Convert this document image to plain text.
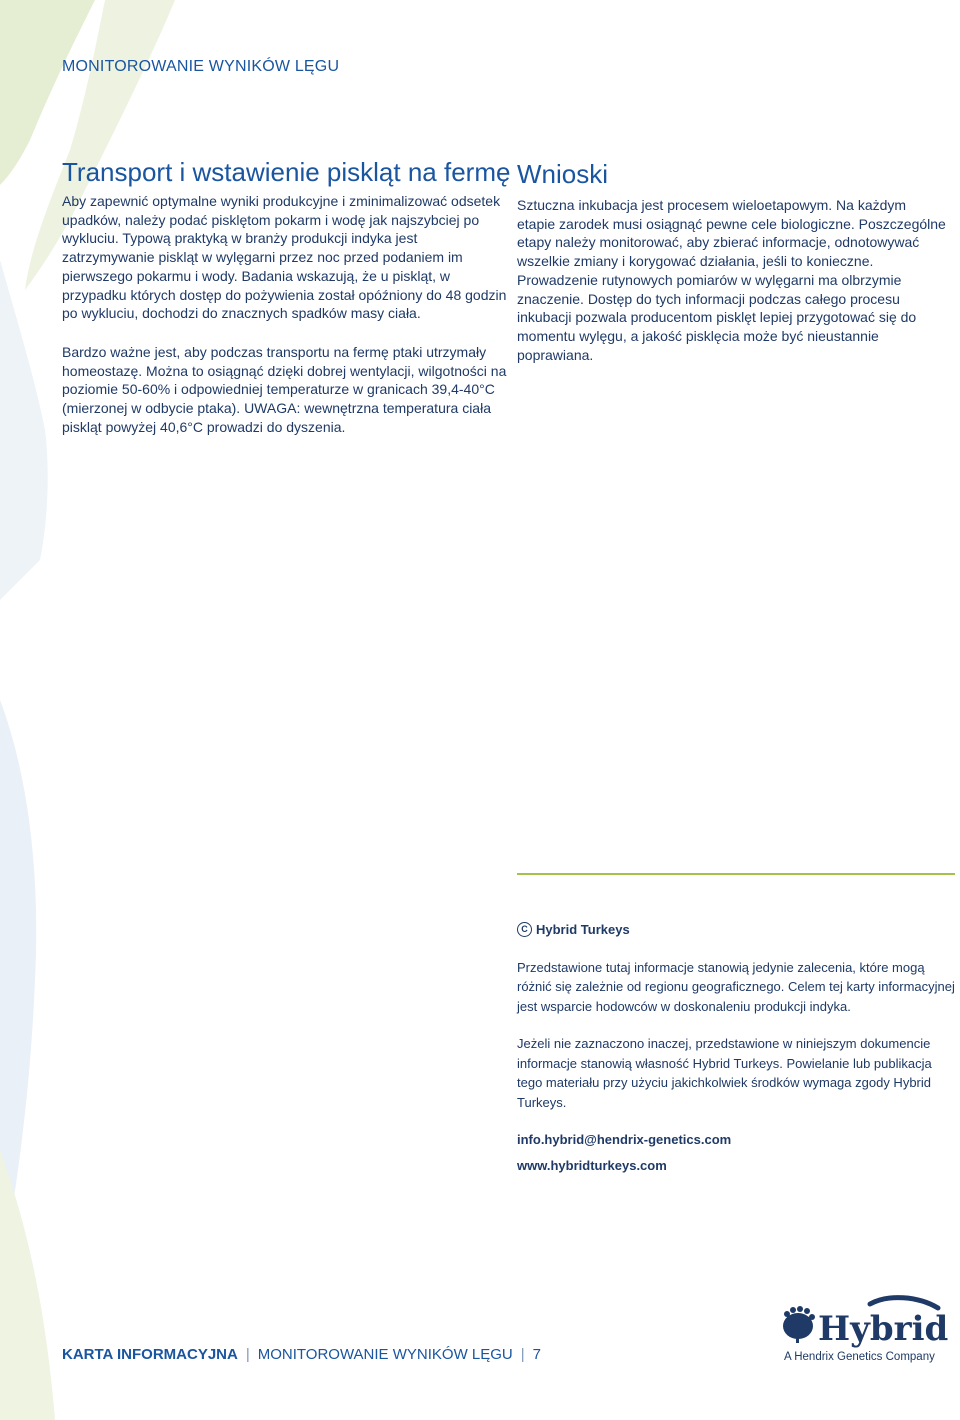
MONITOROWANIE WYNIKÓW LĘGU
Transport i wstawienie piskląt na fermę

Aby zapewnić optymalne wyniki produkcyjne i zminimalizować odsetek upadków, należy podać pisklętom pokarm i wodę jak najszybciej po wykluciu. Typową praktyką w branży produkcji indyka jest zatrzymywanie piskląt w wylęgarni przez noc przed podaniem im pierwszego pokarmu i wody. Badania wskazują, że u piskląt, w przypadku których dostęp do pożywienia został opóźniony do 48 godzin po wykluciu, dochodzi do znacznych spadków masy ciała.

Bardzo ważne jest, aby podczas transportu na fermę ptaki utrzymały homeostazę. Można to osiągnąć dzięki dobrej wentylacji, wilgotności na poziomie 50-60% i odpowiedniej temperaturze w granicach 39,4-40°C (mierzonej w odbycie ptaka). UWAGA: wewnętrzna temperatura ciała piskląt powyżej 40,6°C prowadzi do dyszenia.

Wnioski

Sztuczna inkubacja jest procesem wieloetapowym. Na każdym etapie zarodek musi osiągnąć pewne cele biologiczne. Poszczególne etapy należy monitorować, aby zbierać informacje, odnotowywać wszelkie zmiany i korygować działania, jeśli to konieczne. Prowadzenie rutynowych pomiarów w wylęgarni ma olbrzymie znaczenie. Dostęp do tych informacji podczas całego procesu inkubacji pozwala producentom pisklęt lepiej przygotować się do momentu wylęgu, a jakość pisklęcia może być nieustannie poprawiana.

C Hybrid Turkeys

Przedstawione tutaj informacje stanowią jedynie zalecenia, które mogą różnić się zależnie od regionu geograficznego. Celem tej karty informacyjnej jest wsparcie hodowców w doskonaleniu produkcji indyka.

Jeżeli nie zaznaczono inaczej, przedstawione w niniejszym dokumencie informacje stanowią własność Hybrid Turkeys. Powielanie lub publikacja tego materiału przy użyciu jakichkolwiek środków wymaga zgody Hybrid Turkeys.

info.hybrid@hendrix-genetics.com

www.hybridturkeys.com

KARTA INFORMACYJNA | MONITOROWANIE WYNIKÓW LĘGU | 7
Hybrid
A Hendrix Genetics Company
